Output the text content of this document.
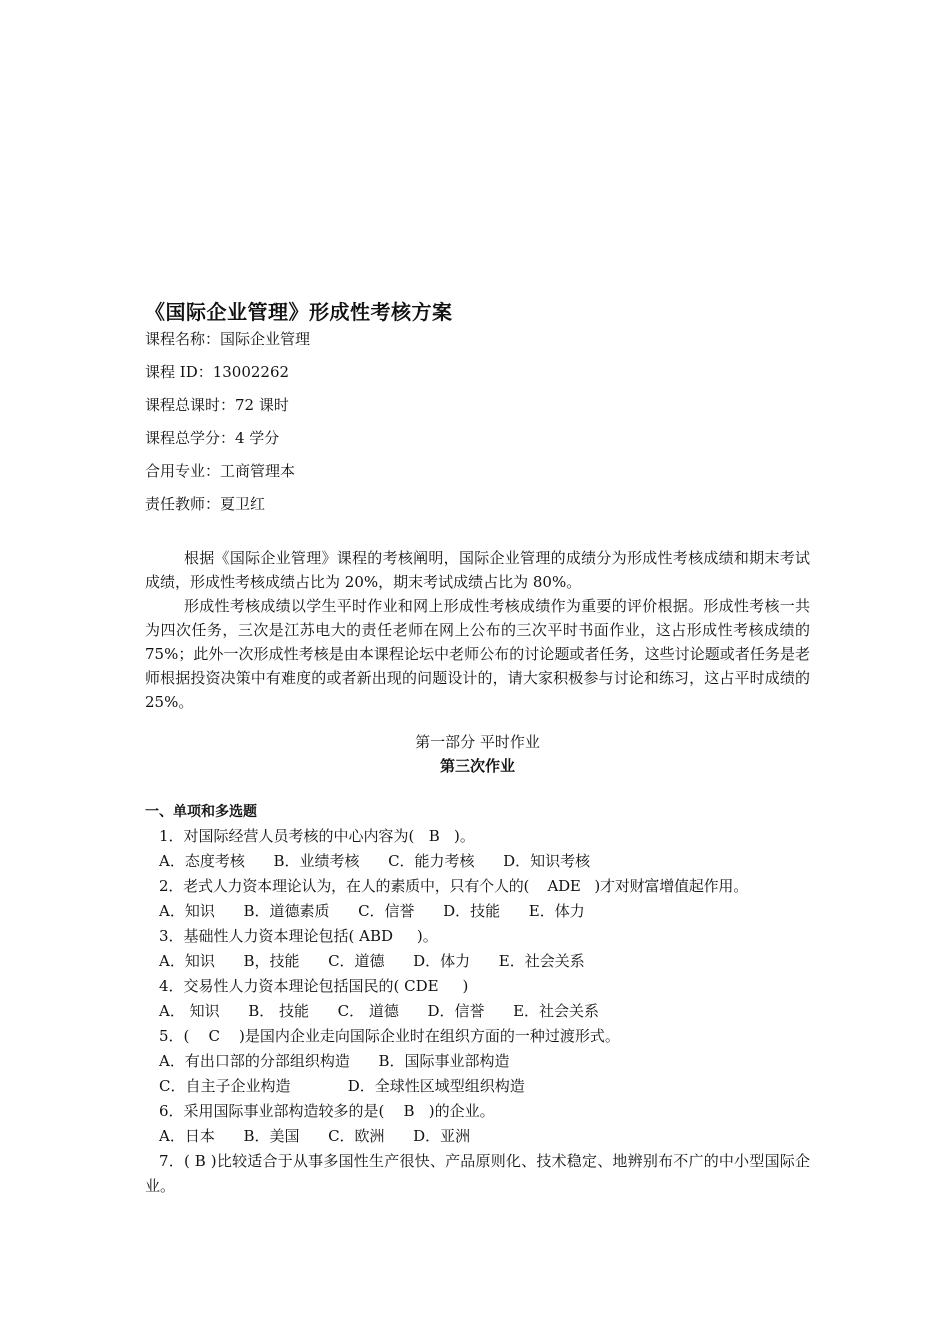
《国际企业管理》形成性考核方案

课程名称：国际企业管理

课程 ID：13002262

课程总课时：72 课时

课程总学分：4 学分

合用专业：工商管理本

责任教师：夏卫红

根据《国际企业管理》课程的考核阐明，国际企业管理的成绩分为形成性考核成绩和期末考试成绩，形成性考核成绩占比为 20%，期末考试成绩占比为 80%。

形成性考核成绩以学生平时作业和网上形成性考核成绩作为重要的评价根据。形成性考核一共为四次任务，三次是江苏电大的责任老师在网上公布的三次平时书面作业，这占形成性考核成绩的 75%；此外一次形成性考核是由本课程论坛中老师公布的讨论题或者任务，这些讨论题或者任务是老师根据投资决策中有难度的或者新出现的问题设计的，请大家积极参与讨论和练习，这占平时成绩的 25%。

第一部分 平时作业

第三次作业

一、单项和多选题

1．对国际经营人员考核的中心内容为(   B   )。

A．态度考核      B．业绩考核      C．能力考核      D．知识考核

2．老式人力资本理论认为，在人的素质中，只有个人的(    ADE   )才对财富增值起作用。

A．知识      B．道德素质      C．信誉      D．技能      E．体力

3．基础性人力资本理论包括( ABD     )。

A．知识      B，技能      C．道德      D．体力      E．社会关系

4．交易性人力资本理论包括国民的( CDE     )

A． 知识      B． 技能      C． 道德      D．信誉      E．社会关系

5．(    C    )是国内企业走向国际企业时在组织方面的一种过渡形式。

A．有出口部的分部组织构造      B．国际事业部构造

C．自主子企业构造            D．全球性区域型组织构造

6．采用国际事业部构造较多的是(    B   )的企业。

A．日本      B．美国      C．欧洲      D．亚洲

7．( B )比较适合于从事多国性生产很快、产品原则化、技术稳定、地辨别布不广的中小型国际企业。
